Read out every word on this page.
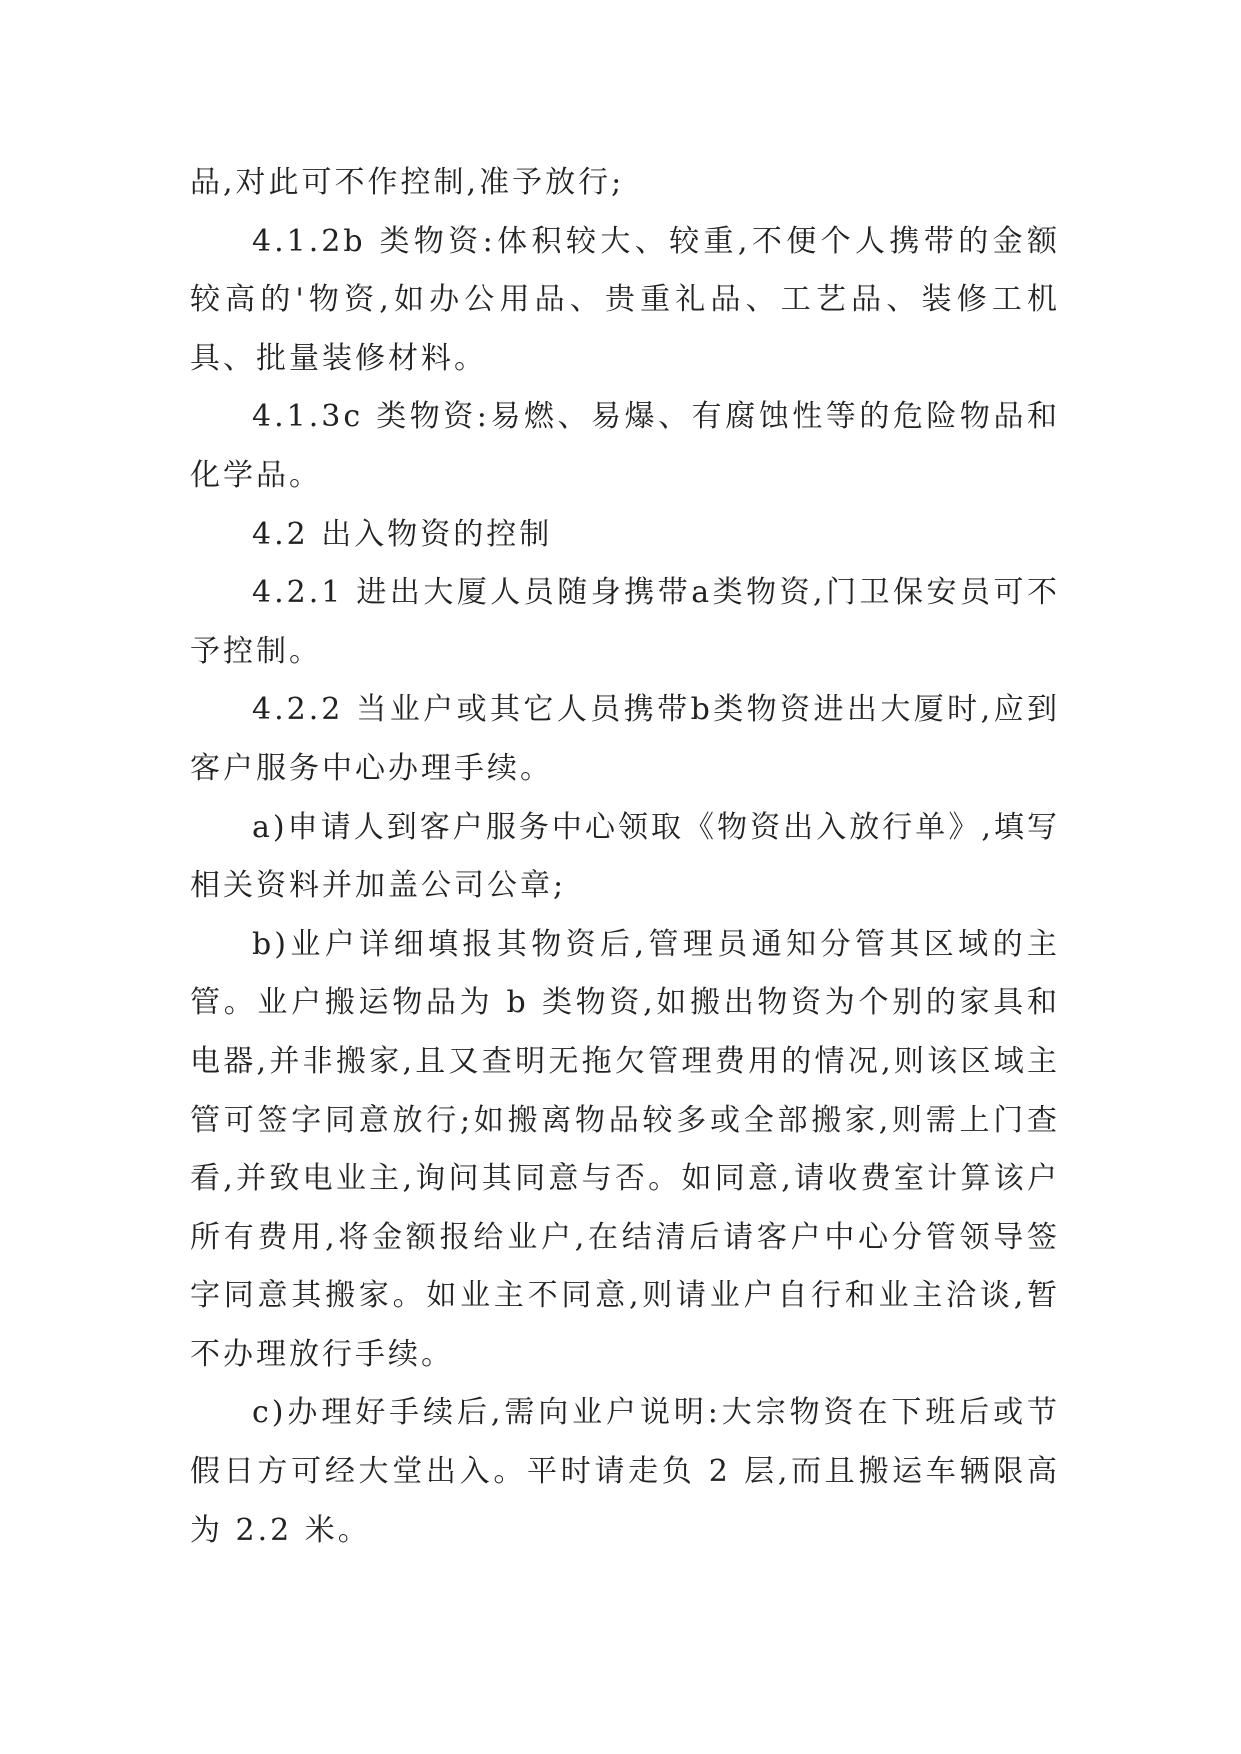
品,对此可不作控制,准予放行;

4.1.2b 类物资:体积较大、较重,不便个人携带的金额较高的'物资,如办公用品、贵重礼品、工艺品、装修工机具、批量装修材料。

4.1.3c 类物资:易燃、易爆、有腐蚀性等的危险物品和化学品。

4.2 出入物资的控制

4.2.1 进出大厦人员随身携带a类物资,门卫保安员可不予控制。

4.2.2 当业户或其它人员携带b类物资进出大厦时,应到客户服务中心办理手续。

a)申请人到客户服务中心领取《物资出入放行单》,填写相关资料并加盖公司公章;

b)业户详细填报其物资后,管理员通知分管其区域的主管。业户搬运物品为 b 类物资,如搬出物资为个别的家具和电器,并非搬家,且又查明无拖欠管理费用的情况,则该区域主管可签字同意放行;如搬离物品较多或全部搬家,则需上门查看,并致电业主,询问其同意与否。如同意,请收费室计算该户所有费用,将金额报给业户,在结清后请客户中心分管领导签字同意其搬家。如业主不同意,则请业户自行和业主洽谈,暂不办理放行手续。

c)办理好手续后,需向业户说明:大宗物资在下班后或节假日方可经大堂出入。平时请走负 2 层,而且搬运车辆限高为 2.2 米。
